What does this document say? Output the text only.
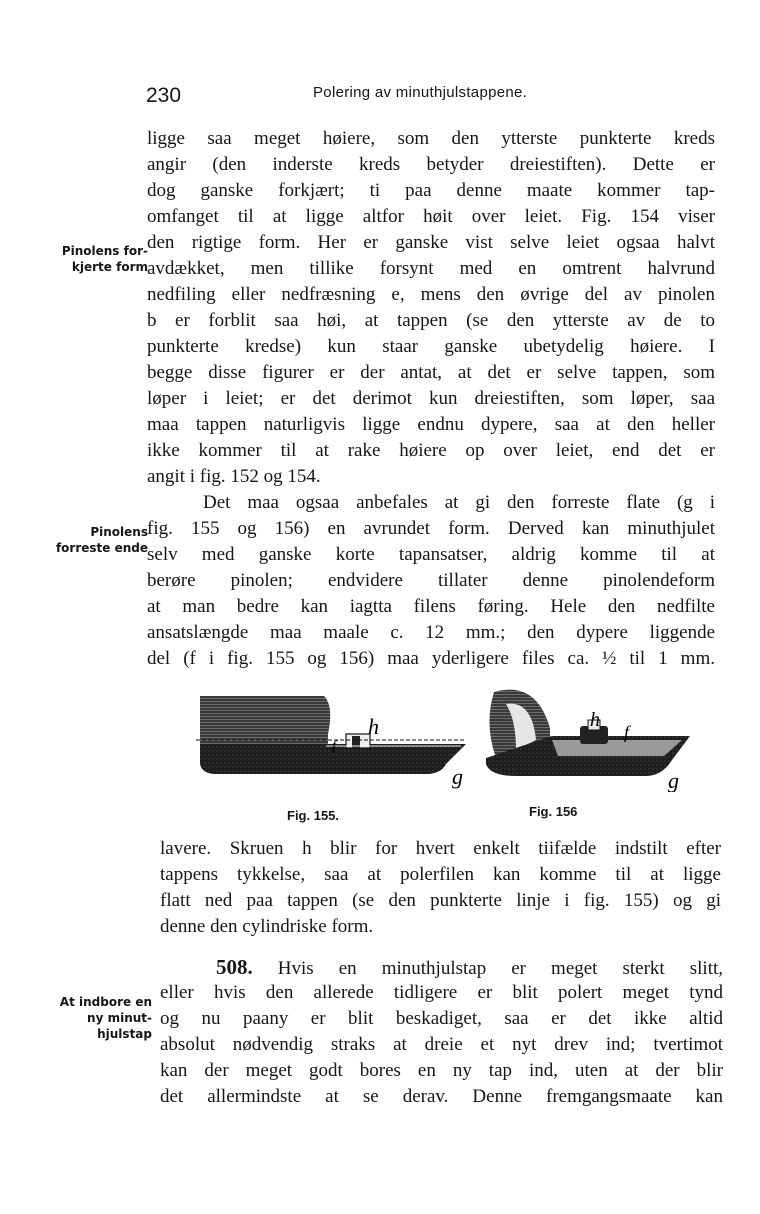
230	Polering av minuthjulstappene.
ligge saa meget høiere, som den ytterste punkterte kreds
angir (den inderste kreds betyder dreiestiften). Dette er
dog ganske forkjært; ti paa denne maate kommer tap-
omfanget til at ligge altfor høit over leiet. Fig. 154 viser
den rigtige form. Her er ganske vist selve leiet ogsaa halvt
avdækket, men tillike forsynt med en omtrent halvrund
nedfiling eller nedfræsning e, mens den øvrige del av pinolen
b er forblit saa høi, at tappen (se den ytterste av de to
punkterte kredse) kun staar ganske ubetydelig høiere. I
begge disse figurer er der antat, at det er selve tappen, som
løper i leiet; er det derimot kun dreiestiften, som løper, saa
maa tappen naturligvis ligge endnu dypere, saa at den heller
ikke kommer til at rake høiere op over leiet, end det er
angit i fig. 152 og 154.
Det maa ogsaa anbefales at gi den forreste flate (g i
fig. 155 og 156) en avrundet form. Derved kan minuthjulet
selv med ganske korte tapansatser, aldrig komme til at
berøre pinolen; endvidere tillater denne pinolendeform
at man bedre kan iagtta filens føring. Hele den nedfilte
ansatslængde maa maale c. 12 mm.; den dypere liggende
del (f i fig. 155 og 156) maa yderligere files ca. ½ til 1 mm.
Pinolens for-
kjerte form
Pinolens
forreste ende
At indbore en
ny minut-
hjulstap
h
f
g
Fig. 155.
h
f
g
Fig. 156
lavere. Skruen h blir for hvert enkelt tiifælde indstilt efter
tappens tykkelse, saa at polerfilen kan komme til at ligge
flatt ned paa tappen (se den punkterte linje i fig. 155) og gi
denne den cylindriske form.
508. Hvis en minuthjulstap er meget sterkt slitt,
eller hvis den allerede tidligere er blit polert meget tynd
og nu paany er blit beskadiget, saa er det ikke altid
absolut nødvendig straks at dreie et nyt drev ind; tvertimot
kan der meget godt bores en ny tap ind, uten at der blir
det allermindste at se derav. Denne fremgangsmaate kan
